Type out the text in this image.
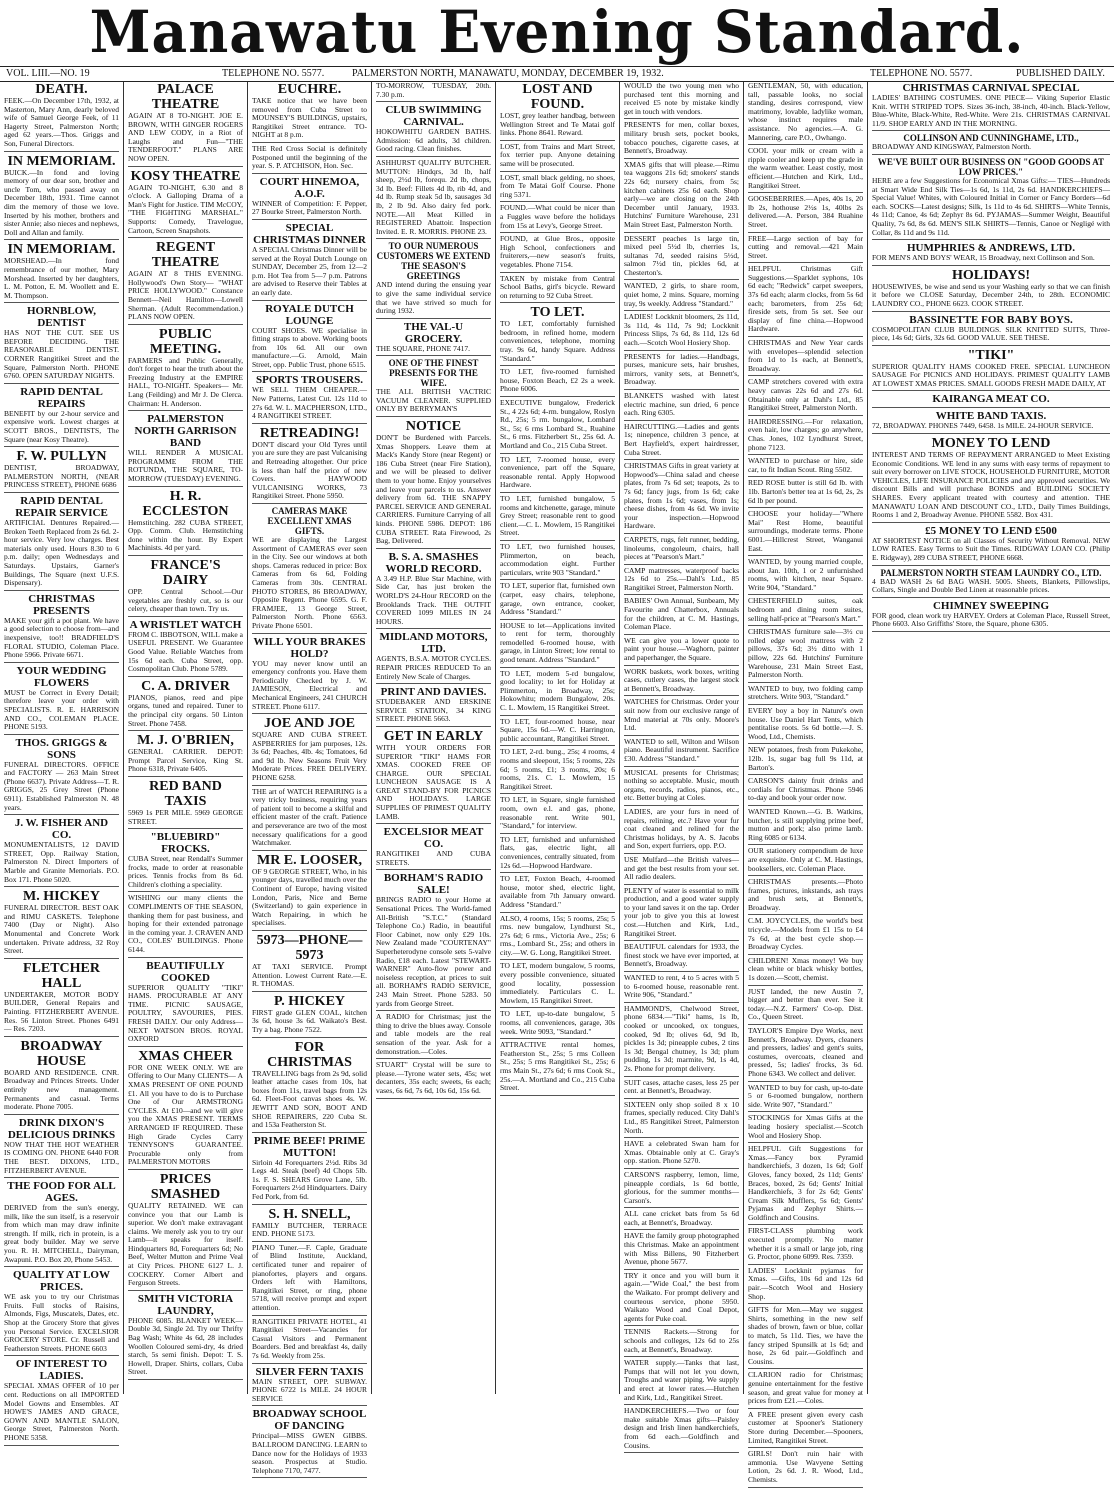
Manawatu Evening Standard.
VOL. LIII.—NO. 19	TELEPHONE NO. 5577.	PALMERSTON NORTH, MANAWATU, MONDAY, DECEMBER 19, 1932.	TELEPHONE NO. 5577.	PUBLISHED DAILY.
DEATH.
FEEK.—On December 17th, 1932, at Masterton, Mary Ann, dearly beloved wife of Samuel George Feek, of 11 Hagerty Street, Palmerston North; aged 62 years.—Thos. Griggs and Son, Funeral Directors.
IN MEMORIAM.
BUICK.—In fond and loving memory of our dear son, brother and uncle Tom, who passed away on December 18th, 1931. Time cannot dim the memory of those we love. Inserted by his mother, brothers and sister Annie; also nieces and nephews, Doll and Allan and family.
IN MEMORIAM.
MORSHEAD.—In fond remembrance of our mother, Mary Morshead. Inserted by her daughters, L. M. Potton, E. M. Woollett and E. M. Thompson.
HORNBLOW, DENTIST
HAS NOT THE CUT. SEE US BEFORE DECIDING. THE REASONABLE DENTIST. CORNER Rangitikei Street and the Square, Palmerston North. PHONE 6760. OPEN SATURDAY NIGHTS.
RAPID DENTAL REPAIRS
BENEFIT by our 2-hour service and expensive work. Lowest charges at SCOTT BROS., DENTISTS, The Square (near Kosy Theatre).
F. W. PULLYN
DENTIST, BROADWAY, PALMERSTON NORTH, (NEAR PRINCESS STREET), PHONE 6686
RAPID DENTAL REPAIR SERVICE
ARTIFICIAL Dentures Repaired.—Broken Teeth Replaced from 2s 6d. 2-hour service. Very low charges. Best materials only used. Hours 8.30 to 6 p.m. daily; open Wednesdays and Saturdays. Upstairs, Garner's Buildings, The Square (next U.F.S. Dispensary).
CHRISTMAS PRESENTS
MAKE your gift a pot plant. We have a good selection to choose from—and inexpensive, too!! BRADFIELD'S FLORAL STUDIO, Coleman Place. Phone 5966. Private 6671.
YOUR WEDDING FLOWERS
MUST be Correct in Every Detail; therefore leave your order with SPECIALISTS. R. E. HARRISON AND CO., COLEMAN PLACE. PHONE 5193.
THOS. GRIGGS & SONS
FUNERAL DIRECTORS. OFFICE and FACTORY — 263 Main Street (Phone 6637). Private Address—T. R. GRIGGS, 25 Grey Street (Phone 6911). Established Palmerston N. 48 years.
J. W. FISHER AND CO.
MONUMENTALISTS, 12 DAVID STREET, Opp. Railway Station, Palmerston N. Direct Importers of Marble and Granite Memorials. P.O. Box 171. Phone 5020.
M. HICKEY
FUNERAL DIRECTOR. BEST OAK and RIMU CASKETS. Telephone 7400 (Day or Night). Also Monumental and Concrete Work undertaken. Private address, 32 Roy Street.
FLETCHER HALL
UNDERTAKER, MOTOR BODY BUILDER, General Repairs and Painting. FITZHERBERT AVENUE. Res. 56 Linton Street. Phones 6491 — Res. 7203.
BROADWAY HOUSE
BOARD AND RESIDENCE. CNR. Broadway and Princes Streets. Under entirely new management. Permanents and casual. Terms moderate. Phone 7005.
DRINK DIXON'S DELICIOUS DRINKS
NOW THAT THE HOT WEATHER IS COMING ON. PHONE 6440 FOR THE BEST. DIXONS, LTD., FITZHERBERT AVENUE.
THE FOOD FOR ALL AGES.
DERIVED from the sun's energy, milk, like the sun itself, is a reservoir from which man may draw infinite strength. If milk, rich in protein, is a great body builder. May we serve you. R. H. MITCHELL, Dairyman, Awapuni. P.O. Box 20, Phone 5453.
QUALITY AT LOW PRICES.
WE ask you to try our Christmas Fruits. Full stocks of Raisins, Almonds, Figs, Muscatels, Dates, etc. Shop at the Grocery Store that gives you Personal Service. EXCELSIOR GROCERY STORE. Cr. Russell and Featherston Streets. PHONE 6603
OF INTEREST TO LADIES.
SPECIAL XMAS OFFER of 10 per cent. Reductions on all IMPORTED Model Gowns and Ensembles. AT HOWE'S JAMES AND GRACE, GOWN AND MANTLE SALON, George Street, Palmerston North. PHONE 5358.
PALACE THEATRE
AGAIN AT 8 TO-NIGHT. JOE E. BROWN, WITH GINGER ROGERS AND LEW CODY, in a Riot of Laughs and Fun—"THE TENDERFOOT." PLANS ARE NOW OPEN.
KOSY THEATRE
AGAIN TO-NIGHT, 6.30 and 8 o'clock. A Galloping Drama of a Man's Fight for Justice. TIM McCOY, "THE FIGHTING MARSHAL." Supports: Comedy, Travelogue, Cartoon, Screen Snapshots.
REGENT THEATRE
AGAIN AT 8 THIS EVENING. Hollywood's Own Story— "WHAT PRICE HOLLYWOOD." Constance Bennett—Neil Hamilton—Lowell Sherman. (Adult Recommendation.) PLANS NOW OPEN.
PUBLIC MEETING.
FARMERS and Public Generally, don't forget to hear the truth about the Freezing Industry at the EMPIRE HALL, TO-NIGHT. Speakers— Mr. Lang (Feilding) and Mr J. De Clerca. Chairman: H. Anderson.
PALMERSTON NORTH GARRISON BAND
WILL RENDER A MUSICAL PROGRAMME FROM THE ROTUNDA, THE SQUARE, TO-MORROW (TUESDAY) EVENING.
H. R. ECCLESTON
Hemstitching. 282 CUBA STREET, Opp. Comm. Club. Hemstitching done within the hour. By Expert Machinists. 4d per yard.
FRANCE'S DAIRY
OPP. Central School.—Our vegetables are freshly cut, so is our celery, cheaper than town. Try us.
A WRISTLET WATCH
FROM C. IBBOTSON, WILL make a USEFUL PRESENT. We Guarantee Good Value. Reliable Watches from 15s 6d each. Cuba Street, opp. Cosmopolitan Club. Phone 5789.
C. A. DRIVER
PIANOS, pianos, reed and pipe organs, tuned and repaired. Tuner to the principal city organs. 50 Linton Street. Phone 7458.
M. J. O'BRIEN,
GENERAL CARRIER. DEPOT: Prompt Parcel Service, King St. Phone 6318, Private 6405.
RED BAND TAXIS
5969 1s PER MILE. 5969 GEORGE STREET.
"BLUEBIRD" FROCKS.
CUBA Street, near Rendall's Summer frocks, made to order at reasonable prices. Tennis frocks from 8s 6d. Children's clothing a speciality.
WISHING our many clients the COMPLIMENTS OF THE SEASON, thanking them for past business, and hoping for their extended patronage in the coming year. J. CRAVEN AND CO., COLES' BUILDINGS. Phone 6144.
BEAUTIFULLY COOKED
SUPERIOR QUALITY "TIKI" HAMS. PROCURABLE AT ANY TIME. PICNIC SAUSAGE, POULTRY, SAVOURIES, PIES. FRESH DAILY. Our only Address— NEXT WATSON BROS. ROYAL OXFORD
XMAS CHEER
FOR ONE WEEK ONLY. WE are Offering to Our Many CLIENTS— A XMAS PRESENT OF ONE POUND £1. All you have to do is to Purchase One of Our ARMSTRONG CYCLES. At £10—and we will give you the XMAS PRESENT. TERMS ARRANGED IF REQUIRED. These High Grade Cycles Carry TENNYSON'S GUARANTEE. Procurable only from PALMERSTON MOTORS
PRICES SMASHED
QUALITY RETAINED. WE can convince you that our Lamb is superior. We don't make extravagant claims. We merely ask you to try our Lamb—it speaks for itself. Hindquarters 8d, Forequarters 6d; No Beef, Welter Mutton and Prime Veal at City Prices. PHONE 6127 L. J. COCKERY. Corner Albert and Ferguson Streets.
SMITH VICTORIA LAUNDRY,
PHONE 6085. BLANKET WEEK—Double 3d, Single 2d. Try our Thrifty Bag Wash; White 4s 6d, 28 includes Woollen Coloured semi-dry, 4s dried starch, 5s semi finish. Depot: T. S. Howell, Draper. Shirts, collars, Cuba Street.
EUCHRE.
TAKE notice that we have been removed from Cuba Street to MOUNSEY'S BUILDINGS, upstairs, Rangitikei Street entrance. TO-NIGHT at 8 p.m.
THE Red Cross Social is definitely Postponed until the beginning of the year. S. P. ATCHISON, Hon. Sec.
COURT HINEMOA, A.O.F.
WINNER of Competition: F. Pepper, 27 Bourke Street, Palmerston North.
SPECIAL CHRISTMAS DINNER
A SPECIAL Christmas Dinner will be served at the Royal Dutch Lounge on SUNDAY, December 25, from 12—2 p.m. Hot Tea from 5—7 p.m. Patrons are advised to Reserve their Tables at an early date.
ROYALE DUTCH LOUNGE
COURT SHOES. WE specialise in fitting straps to above. Working boots from 10s 6d. All our own manufacture.—G. Arnold, Main Street, opp. Public Trust, phone 6515.
SPORTS TROUSERS.
WE SELL THEM CHEAPER.— New Patterns, Latest Cut. 12s 11d to 27s 6d. W. L. MACPHERSON, LTD., 4 RANGITIKEI STREET.
RETREADING!
DON'T discard your Old Tyres until you are sure they are past Vulcanising and Retreading altogether. Our price is less than half the price of new Covers. HAYWOOD VULCANISING WORKS, 73 Rangitikei Street. Phone 5950.
CAMERAS MAKE EXCELLENT XMAS GIFTS.
WE are displaying the Largest Assortment of CAMERAS ever seen in the City. See our windows at both shops. Cameras reduced in price: Box Cameras from 6s 6d, Folding Cameras from 30s. CENTRAL PHOTO STORES, 86 BROADWAY, Opposite Regent. Phone 6595. G. F. FRAMJEE, 13 George Street, Palmerston North. Phone 6563. Private Phone 6501.
WILL YOUR BRAKES HOLD?
YOU may never know until an emergency confronts you. Have them Periodically Checked by J. W. JAMIESON, Electrical and Mechanical Engineers, 241 CHURCH STREET. Phone 6117.
JOE AND JOE
SQUARE AND CUBA STREET. ASPBERRIES for jam purposes, 12s. 3s 6d; Peaches, 4lb. 4s; Tomatoes, 6d and 9d lb. New Seasons Fruit Very Moderate Prices. FREE DELIVERY. PHONE 6258.
THE art of WATCH REPAIRING is a very tricky business, requiring years of patient toil to become a skilful and efficient master of the craft. Patience and perseverance are two of the most necessary qualifications for a good Watchmaker.
MR E. LOOSER,
OF 9 GEORGE STREET, Who, in his younger days, travelled much over the Continent of Europe, having visited London, Paris, Nice and Berne (Switzerland) to gain experience in Watch Repairing, in which he specialises.
5973—PHONE—5973
AT TAXI SERVICE. Prompt Attention. Lowest Current Rate.—E. R. THOMAS.
P. HICKEY
FIRST grade GLEN COAL, kitchen 3s 6d, house 3s 6d. Waikato's Best. Try a bag. Phone 7522.
FOR CHRISTMAS
TRAVELLING bags from 2s 9d, solid leather attache cases from 10s, hat boxes from 11s, travel bags from 12s 6d. Fleet-Foot canvas shoes 4s. W. JEWITT AND SON, BOOT AND SHOE REPAIRERS, 220 Cuba St. and 153a Featherston St.
PRIME BEEF! PRIME MUTTON!
Sirloin 4d Forequarters 2½d. Ribs 3d Legs 4d. Steak (beef) 4d Chops 5lb. 1s. F. S. SHEARS Grove Lane, 5lb. Forequarters 2½d Hindquarters. Dairy Fed Pork, from 6d.
S. H. SNELL,
FAMILY BUTCHER, TERRACE END. PHONE 5173.
PIANO Tuner.—F. Caple, Graduate of Blind Institute, Auckland, certificated tuner and repairer of pianofortes, players and organs. Orders left with Hamiltons, Rangitikei Street, or ring, phone 5718, will receive prompt and expert attention.
RANGITIKEI PRIVATE HOTEL, 41 Rangitikei Street—Vacancies for Casual Visitors and Permanent Boarders. Bed and breakfast 4s, daily 7s 6d. Weekly from 25s.
SILVER FERN TAXIS
MAIN STREET, OPP. SUBWAY. PHONE 6722 1s MILE. 24 HOUR SERVICE
BROADWAY SCHOOL OF DANCING
Principal—MISS GWEN GIBBS. BALLROOM DANCING. LEARN to Dance now for the Holidays of 1933 season. Prospectus at Studio. Telephone 7170, 7477.
TO-MORROW, TUESDAY, 20th. 7.30 p.m.
CLUB SWIMMING CARNIVAL.
HOKOWHITU GARDEN BATHS. Admission: 6d adults, 3d children. Good racing. Clean finishes.
ASHHURST QUALITY BUTCHER. MUTTON: Hindqrs, 3d lb, half sheep, 2½d lb, forequ. 2d lb, chops, 3d lb. Beef: Fillets 4d lb, rib 4d, and 4d lb. Rump steak 5d lb, sausages 3d lb, 2 lb 9d. Also dairy fed pork. NOTE.—All Meat Killed in REGISTERED Abattoir. Inspection Invited. E. R. MORRIS. PHONE 23.
TO OUR NUMEROUS CUSTOMERS WE EXTEND THE SEASON'S GREETINGS
AND intend during the ensuing year to give the same individual service that we have strived so much for during 1932.
THE VAL-U GROCERY.
THE SQUARE, PHONE 7417.
ONE OF THE FINEST PRESENTS FOR THE WIFE.
THE ALL BRITISH VACTRIC VACUUM CLEANER. SUPPLIED ONLY BY BERRYMAN'S
NOTICE
DON'T be Burdened with Parcels. Xmas Shoppers. Leave them at Mack's Kandy Store (near Regent) or 186 Cuba Street (near Fire Station), and we will be pleased to deliver them to your home. Enjoy yourselves and leave your parcels to us. Answer delivery from 6d. THE SNAPPY PARCEL SERVICE AND GENERAL CARRIERS. Furniture Carrying of all kinds. PHONE 5986. DEPOT: 186 CUBA STREET. Rata Firewood, 2s Bag, Delivered.
B. S. A. SMASHES WORLD RECORD.
A 3.49 H.P. Blue Star Machine, with Side Car, has just broken the WORLD'S 24-Hour RECORD on the Brooklands Track. THE OUTFIT COVERED 1099 MILES IN 24 HOURS.
MIDLAND MOTORS, LTD.
AGENTS, B.S.A. MOTOR CYCLES. REPAIR PRICES REDUCED To an Entirely New Scale of Charges.
PRINT AND DAVIES.
STUDEBAKER AND ERSKINE SERVICE STATION, 34 KING STREET. PHONE 5663.
GET IN EARLY
WITH YOUR ORDERS FOR SUPERIOR "TIKI" HAMS FOR XMAS. COOKED FREE OF CHARGE. OUR SPECIAL LUNCHEON SAUSAGE IS A GREAT STAND-BY FOR PICNICS AND HOLIDAYS. LARGE SUPPLIES OF PRIMEST QUALITY LAMB.
EXCELSIOR MEAT CO.
RANGITIKEI AND CUBA STREETS.
BORHAM'S RADIO SALE!
BRINGS RADIO to your Home at Sensational Prices. The World-famed All-British "S.T.C." (Standard Telephone Co.) Radio, in beautiful Floor Cabinet, now only £29 10s. New Zealand made "COURTENAY" Superheterodyne console sets 5-valve Radio, £18 each. Latest "STEWART-WARNER" Auto-flow power and noiseless reception, at prices to suit all. BORHAM'S RADIO SERVICE, 243 Main Street. Phone 5283. 50 yards from George Street.
A RADIO for Christmas; just the thing to drive the blues away. Console and table models are the real sensation of the year. Ask for a demonstration.—Coles.
STUART" Crystal will be sure to please.—Tyrone water sets, 45s; wet decanters, 35s each; sweets, 6s each; vases, 6s 6d, 7s 6d, 10s 6d, 15s 6d.
LOST AND FOUND.
LOST, grey leather handbag, between Wellington Street and Te Matai golf links. Phone 8641. Reward.
LOST, from Trains and Mart Street, fox terrier pup. Anyone detaining same will be prosecuted.
LOST, small black gelding, no shoes, from Te Matai Golf Course. Phone ring 5371.
FOUND.—What could be nicer than a Fuggles wave before the holidays from 15s at Levy's, George Street.
FOUND, at Glue Bros., opposite High School, confectioners and fruiterers,—new season's fruits, vegetables. Phone 7154.
TAKEN by mistake from Central School Baths, girl's bicycle. Reward on returning to 92 Cuba Street.
TO LET.
TO LET, comfortably furnished bedroom, in refined home, modern conveniences, telephone, morning tray. 9s 6d, handy Square. Address "Standard."
TO LET, five-roomed furnished house, Foxton Beach, £2 2s a week. Phone 6006.
EXECUTIVE bungalow, Frederick St., 4 22s 6d; 4-rm. bungalow, Roslyn Rd., 25s; 5 rm. bungalow, Lombard St., 5s; 6 rms Lombard St., Ruahine St., 6 rms. Fitzherbert St., 25s 6d. A. Mortland and Co., 215 Cuba Street.
TO LET, 7-roomed house, every convenience, part off the Square, reasonable rental. Apply Hopwood Hardware.
TO LET, furnished bungalow, 5 rooms and kitchenette, garage, minute Grey Street; reasonable rent to good client.—C. L. Mowlem, 15 Rangitikei Street.
TO LET, two furnished houses, Plimmerton, on beach, accommodation eight. Further particulars, write 903 "Standard."
TO LET, superior flat, furnished own (carpet, easy chairs, telephone, garage, own entrance, cooker, Address "Standard."
HOUSE to let—Applications invited to rent for term, thoroughly remodelled 6-roomed house, with garage, in Linton Street; low rental to good tenant. Address "Standard."
TO LET, modern 5-rd bungalow, good locality; to let for Holiday at Plimmerton, in Broadway, 25s; Hokowhitu; modern Bungalow, 20s. C. L. Mowlem, 15 Rangitikei Street.
TO LET, four-roomed house, near Square, 15s 6d.—W. C. Harrington, public accountant, Rangitikei Street.
TO LET, 2-rd. bung., 25s; 4 rooms, 4 rooms and sleepout, 15s; 5 rooms, 22s 6d; 5 rooms, £1; 3 rooms, 20s; 6 rooms, 21s. C. L. Mowlem, 15 Rangitikei Street.
TO LET, in Square, single furnished room, own e.l. and gas, phone, reasonable rent. Write 901, "Standard," for interview.
TO LET, furnished and unfurnished flats, gas, electric light, all conveniences, centrally situated, from 12s 6d.—Hopwood Hardware.
TO LET, Foxton Beach, 4-roomed house, motor shed, electric light, available from 7th January onward. Address "Standard."
ALSO, 4 rooms, 15s; 5 rooms, 25s; 5 rms. new bungalow, Lyndhurst St., 27s 6d; 6 rms., Victoria Ave., 25s; 6 rms., Lombard St., 25s; and others in city.—W. G. Long, Rangitikei Street.
TO LET, modern bungalow, 5 rooms, every possible convenience, situated good locality, possession immediately. Particulars C. L. Mowlem, 15 Rangitikei Street.
TO LET, up-to-date bungalow, 5 rooms, all conveniences, garage, 30s week. Write 9093, "Standard."
ATTRACTIVE rental homes, Featherston St., 25s; 5 rms Colleen St., 25s; 5 rms Rangitikei St., 25s; 6 rms Main St., 27s 6d; 6 rms Cook St., 25s.—A. Mortland and Co., 215 Cuba Street.
WOULD the two young men who purchased tent this morning and received £5 note by mistake kindly get in touch with vendors.
PRESENTS for men, collar boxes, military brush sets, pocket books, tobacco pouches, cigarette cases, at Bennett's, Broadway.
XMAS gifts that will please.—Rimu tea waggons 21s 6d; smokers' stands 22s 6d; nursery chairs, from 5s; kitchen cabinets 25s 6d each. Shop early—we are closing on the 24th December until January, 1933. Hutchins' Furniture Warehouse, 231 Main Street East, Palmerston North.
DESSERT peaches 1s large tin, mixed peel 5½d lb, cherries 1s, sultanas 7d, seeded raisins 5½d, salmon 7½d tin, pickles 6d, at Chesterton's.
WANTED, 2 girls, to share room, quiet home, 2 mins. Square, morning tray, 9s weekly. Address "Standard."
LADIES! Lockknit bloomers, 2s 11d, 3s 11d, 4s 11d, 7s 9d; Lockknit Princess Slips, 7s 6d, 8s 11d, 12s 6d each.—Scotch Wool Hosiery Shop.
PRESENTS for ladies.—Handbags, purses, manicure sets, hair brushes, mirrors, vanity sets, at Bennett's, Broadway.
BLANKETS washed with latest electric machine, sun dried, 6 pence each. Ring 6305.
HAIRCUTTING.—Ladies and gents 1s; ninepence, children 3 pence, at Bert Hayfield's, expert hairdresser, Cuba Street.
CHRISTMAS Gifts in great variety at Hopwood's—China salad and cheese plates, from 7s 6d set; teapots, 2s to 7s 6d; fancy jugs, from 1s 6d; cake plates, from 1s 6d; vases, from 1s; cheese dishes, from 4s 6d. We invite your inspection.—Hopwood Hardware.
CARPETS, rugs, felt runner, bedding, linoleums, congoleum, chairs, hall pieces at "Pearson's Mart."
CAMP mattresses, waterproof backs 12s 6d to 25s.—Dahl's Ltd., 85 Rangitikei Street, Palmerston North.
BABIES' Own Annual, Sunbeam, My Favourite and Chatterbox, Annuals for the children, at C. M. Hastings, Coleman Place.
WE can give you a lower quote to paint your house.—Waghorn, painter and paperhanger, the Square.
WORK baskets, work boxes, writing cases, cutlery cases, the largest stock at Bennett's, Broadway.
WATCHES for Christmas. Order your suit now from our exclusive range of Mmd material at 70s only. Moore's Ltd.
WANTED to sell, Wilton and Wilson piano. Beautiful instrument. Sacrifice £30. Address "Standard."
MUSICAL presents for Christmas; nothing so acceptable. Music, mouth organs, records, radios, pianos, etc., etc. Better buying at Coles.
LADIES, are your furs in need of repairs, relining, etc.? Have your fur coat cleaned and relined for the Christmas holidays, by A. S. Jacobs and Son, expert furriers, opp. P.O.
USE Mulfard—the British valves—and get the best results from your set. All radio dealers.
PLENTY of water is essential to milk production, and a good water supply to your land saves it on the tap. Order your job to give you this at lowest cost.—Hutchen and Kirk, Ltd., Rangitikei Street.
BEAUTIFUL calendars for 1933, the finest stock we have ever imported, at Bennett's, Broadway.
WANTED to rent, 4 to 5 acres with 5 to 6-roomed house, reasonable rent. Write 906, "Standard."
HAMMOND'S, Chelwood Street, phone 6834.—"Tiki" hams, 1s lb, cooked or uncooked, ox tongues, cooked, 9d lb; olives 6d, 9d lb, pickles 1s 3d; pineapple cubes, 2 tins 1s 3d; Bengal chutney, 1s 3d; plum pudding, 1s 3d; marmite, 9d, 1s 4d, 2s. Phone for prompt delivery.
SUIT cases, attache cases, less 25 per cent. at Bennett's, Broadway.
SIXTEEN only shop soiled 8 x 10 frames, specially reduced. City Dahl's Ltd., 85 Rangitikei Street, Palmerston North.
HAVE a celebrated Swan ham for Xmas. Obtainable only at C. Gray's opp. station. Phone 5270.
CARSON'S raspberry, lemon, lime, pineapple cordials, 1s 6d bottle, glorious, for the summer months—Carson's.
ALL cane cricket bats from 5s 6d each, at Bennett's, Broadway.
HAVE the family group photographed this Christmas. Make an appointment with Miss Billens, 90 Fitzherbert Avenue, phone 5677.
TRY it once and you will burn it again.—"Wide Coal," the best from the Waikato. For prompt delivery and courteous service, phone 5950. Waikato Wood and Coal Depot, agents for Puke coal.
TENNIS Rackets.—Strong for schools and colleges, 12s 6d to 25s each, at Bennett's, Broadway.
WATER supply.—Tanks that last, Pumps that will not let you down, Troughs and water piping. We supply and erect at lower rates.—Hutchen and Kirk, Ltd., Rangitikei Street.
HANDKERCHIEFS.—Two or four make suitable Xmas gifts—Paisley design and Irish linen handkerchiefs, from 6d each.—Goldfinch and Cousins.
GENTLEMAN, 50, with education, tall, passable looks, no social standing, desires correspond, view matrimony, lovable, ladylike woman, whose instinct requires male assistance. No agencies.—A. G. Mannering, care P.O., Owhango.
COOL your milk or cream with a ripple cooler and keep up the grade in the warm weather. Least costly, most efficient.—Hutchen and Kirk, Ltd., Rangitikei Street.
GOOSEBERRIES.—Apes, 40s 1s, 20 lb 2s, hothouse 2½s 1s, 40lbs 2s delivered.—A. Person, 384 Ruahine Street.
FREE—Large section of bay for cutting and removal.—421 Main Street.
HELPFUL Christmas Gift Suggestions.—Sparklet syphons, 10s 6d each; "Redwick" carpet sweepers, 37s 6d each; alarm clocks, from 5s 6d each; barometers, from 25s 6d; fireside sets, from 5s set. See our display of fine china.—Hopwood Hardware.
CHRISTMAS and New Year cards with envelopes—splendid selection from 1d to 1s each, at Bennett's, Broadway.
CAMP stretchers covered with extra heavy canvas 22s 6d and 27s 6d. Obtainable only at Dahl's Ltd., 85 Rangitikei Street, Palmerston North.
HAIRDRESSING.—For relaxation, even hair, low charges; go anywhere, Chas. Jones, 102 Lyndhurst Street, phone 7123.
WANTED to purchase or hire, side car, to fit Indian Scout. Ring 5502.
RED ROSE butter is still 6d lb. with 1lb. Barton's better tea at 1s 6d, 2s, 2s 6d lb per pound.
CHOOSE your holiday—"Where Mai" Rest Home, beautiful surroundings, moderate terms. Phone 6001.—Hillcrest Street, Wanganui East.
WANTED, by young married couple, about Jan. 10th, 1 or 2 unfurnished rooms, with kitchen, near Square. Write 904, "Standard."
CHESTERFIELD suites, oak bedroom and dining room suites, selling half-price at "Pearson's Mart."
CHRISTMAS furniture sale—3½ cu rolled edge wool mattress with 2 pillows, 37s 6d; 3½ ditto with 1 pillow, 22s 6d. Hutchins' Furniture Warehouse, 231 Main Street East, Palmerston North.
WANTED to buy, two folding camp stretchers. Write 903, "Standard."
EVERY boy a boy in Nature's own house. Use Daniel Hart Tents, which pentitalise roots. 5s 6d bottle.—J. S. Wood, Ltd., Chemists.
NEW potatoes, fresh from Pukekohe, 12lb. 1s, sugar bag full 9s 11d, at Barton's.
CARSON'S dainty fruit drinks and cordials for Christmas. Phone 5946 to-day and book your order now.
WANTED Known.—G. B. Watkins, butcher, is still supplying prime beef, mutton and pork; also prime lamb. Ring 6085 or 6134.
OUR stationery compendium de luxe are exquisite. Only at C. M. Hastings, booksellers, etc. Coleman Place.
CHRISTMAS presents.—Photo frames, pictures, inkstands, ash trays and brush sets, at Bennett's, Broadway.
C.M. JOYCYCLES, the world's best tricycle.—Models from £1 15s to £4 7s 6d, at the best cycle shop.—Broadway Cycles.
CHILDREN! Xmas money! We buy clean white or black whisky bottles, 1s dozen.—Scott, chemist.
JUST landed, the new Austin 7, bigger and better than ever. See it today.—N.Z. Farmers' Co-op. Dist. Co., Queen Street.
TAYLOR'S Empire Dye Works, next Bennett's, Broadway. Dyers, cleaners and pressers, ladies' and gent's suits, costumes, overcoats, cleaned and pressed, 5s; ladies' frocks, 3s 6d. Phone 6343. We collect and deliver.
WANTED to buy for cash, up-to-date 5 or 6-roomed bungalow, northern side. Write 907, "Standard."
STOCKINGS for Xmas Gifts at the leading hosiery specialist.—Scotch Wool and Hosiery Shop.
HELPFUL Gift Suggestions for Xmas.—Fancy box Pyramid handkerchiefs, 3 dozen, 1s 6d; Golf Gloves, fancy boxed, 2s 11d; Gents' Braces, boxed, 2s 6d; Gents' Initial Handkerchiefs, 3 for 2s 6d; Gents' Cream Silk Mufflers, 5s 6d; Gents' Pyjamas and Zephyr Shirts.—Goldfinch and Cousins.
FIRST-CLASS plumbing work executed promptly. No matter whether it is a small or large job, ring G. Proctor, phone 6099. Res. 7359.
LADIES' Lockknit pyjamas for Xmas. —Gifts, 10s 6d and 12s 6d pair.—Scotch Wool and Hosiery Shop.
GIFTS for Men.—May we suggest Shirts, something in the new self shades of brown, fawn or blue, collar to match, 5s 11d. Ties, we have the fancy striped Spunsilk at 1s 6d; and hose, 2s 6d pair.—Goldfinch and Cousins.
CLARION radio for Christmas; genuine entertainment for the festive season, and great value for money at prices from £21.—Coles.
A FREE present given every cash customer at Spooner's Stationery Store during December.—Spooners, Limited, Rangitikei Street.
GIRLS! Don't ruin hair with ammonia. Use Wavyene Setting Lotion, 2s 6d. J. R. Wood, Ltd., Chemists.
CHRISTMAS CARNIVAL SPECIAL
LADIES' BATHING COSTUMES. ONE PIECE— Viking Superior Elastic Knit. WITH STRIPED TOPS. Sizes 36-inch, 38-inch, 40-inch. Black-Yellow, Blue-White, Black-White, Red-White. Were 21s. CHRISTMAS CARNIVAL 11/9. SHOP EARLY AND IN THE MORNING.
COLLINSON AND CUNNINGHAME, LTD.,
BROADWAY AND KINGSWAY, Palmerston North.
WE'VE BUILT OUR BUSINESS ON "GOOD GOODS AT LOW PRICES."
HERE are a few Suggestions for Economical Xmas Gifts:— TIES—Hundreds at Smart Wide End Silk Ties—1s 6d, 1s 11d, 2s 6d. HANDKERCHIEFS—Special Value! Whites, with Coloured Initial in Corner or Fancy Borders—6d each. SOCKS—Latest designs; Silk, 1s 11d to 4s 6d. SHIRTS—White Tennis, 4s 11d; Canoe, 4s 6d; Zephyr 8s 6d. PYJAMAS—Summer Weight, Beautiful Quality, 7s 6d, 8s 6d. MEN'S SILK SHIRTS—Tennis, Canoe or Negligé with Collar, 8s 11d and 9s 11d.
HUMPHRIES & ANDREWS, LTD.
FOR MEN'S AND BOYS' WEAR, 15 Broadway, next Collinson and Son.
HOLIDAYS!
HOUSEWIVES, be wise and send us your Washing early so that we can finish it before we CLOSE Saturday, December 24th, to 28th. ECONOMIC LAUNDRY CO., PHONE 6623. COOK STREET.
BASSINETTE FOR BABY BOYS.
COSMOPOLITAN CLUB BUILDINGS. SILK KNITTED SUITS, Three-piece, 14s 6d; Girls, 32s 6d. GOOD VALUE. SEE THESE.
"TIKI"
SUPERIOR QUALITY HAMS COOKED FREE. SPECIAL LUNCHEON SAUSAGE For PICNICS AND HOLIDAYS. PRIMEST QUALITY LAMB AT LOWEST XMAS PRICES. SMALL GOODS FRESH MADE DAILY, AT
KAIRANGA MEAT CO.
WHITE BAND TAXIS.
72, BROADWAY. PHONES 7449, 6458. 1s MILE. 24-HOUR SERVICE.
MONEY TO LEND
INTEREST AND TERMS OF REPAYMENT ARRANGED to Meet Existing Economic Conditions. WE lend in any sums with easy terms of repayment to suit every borrower on LIVE STOCK, HOUSEHOLD FURNITURE, MOTOR VEHICLES, LIFE INSURANCE POLICIES and any approved securities. We discount Bills and will purchase BONDS and BUILDING SOCIETY SHARES. Every applicant treated with courtesy and attention. THE MANAWATU LOAN AND DISCOUNT CO., LTD., Daily Times Buildings, Rooms 1 and 2, Broadway Avenue. PHONE 5582. Box 431.
£5 MONEY TO LEND £500
AT SHORTEST NOTICE on all Classes of Security Without Removal. NEW LOW RATES. Easy Terms to Suit the Times. RIDGWAY LOAN CO. (Philip E. Ridgway), 289 CUBA STREET, PHONE 6668.
PALMERSTON NORTH STEAM LAUNDRY CO., LTD.
4 BAD WASH 2s 6d BAG WASH. 5005. Sheets, Blankets, Pillowslips, Collars, Single and Double Bed Linen at reasonable prices.
CHIMNEY SWEEPING
FOR good, clean work try HARVEY. Orders at Coleman Place, Russell Street, Phone 6603. Also Griffiths' Store, the Square, phone 6305.
